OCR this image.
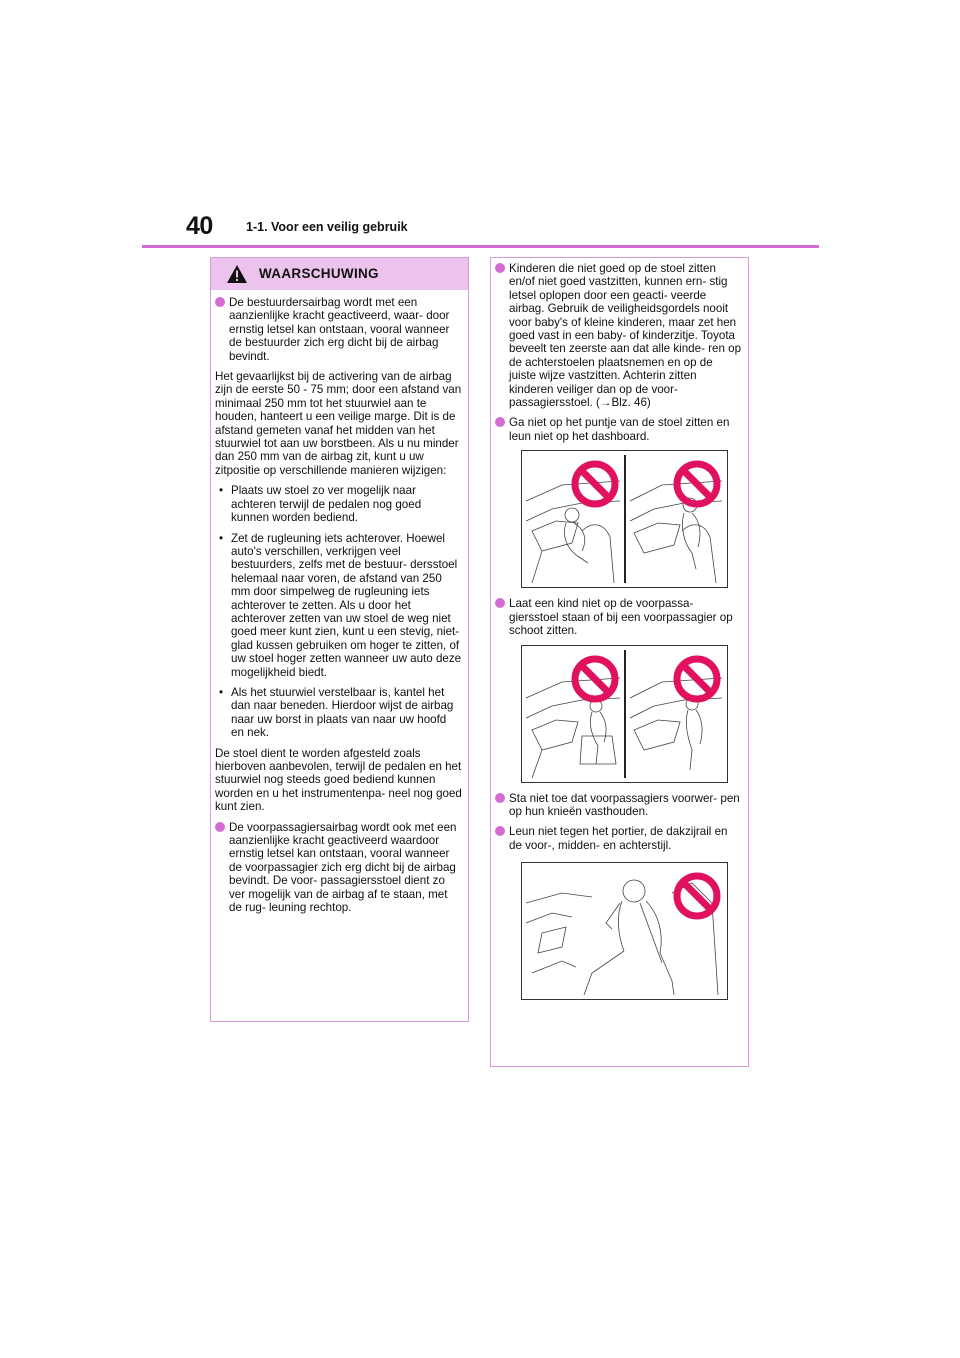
40	1-1. Voor een veilig gebruik
WAARSCHUWING
De bestuurdersairbag wordt met een aanzienlijke kracht geactiveerd, waar- door ernstig letsel kan ontstaan, vooral wanneer de bestuurder zich erg dicht bij de airbag bevindt.

Het gevaarlijkst bij de activering van de airbag zijn de eerste 50 - 75 mm; door een afstand van minimaal 250 mm tot het stuurwiel aan te houden, hanteert u een veilige marge. Dit is de afstand gemeten vanaf het midden van het stuurwiel tot aan uw borstbeen. Als u nu minder dan 250 mm van de airbag zit, kunt u uw zitpositie op verschillende manieren wijzigen:

• Plaats uw stoel zo ver mogelijk naar achteren terwijl de pedalen nog goed kunnen worden bediend.
• Zet de rugleuning iets achterover. Hoewel auto's verschillen, verkrijgen veel bestuurders, zelfs met de bestuur- dersstoel helemaal naar voren, de afstand van 250 mm door simpelweg de rugleuning iets achterover te zetten. Als u door het achterover zetten van uw stoel de weg niet goed meer kunt zien, kunt u een stevig, niet-glad kussen gebruiken om hoger te zitten, of uw stoel hoger zetten wanneer uw auto deze mogelijkheid biedt.
• Als het stuurwiel verstelbaar is, kantel het dan naar beneden. Hierdoor wijst de airbag naar uw borst in plaats van naar uw hoofd en nek.

De stoel dient te worden afgesteld zoals hierboven aanbevolen, terwijl de pedalen en het stuurwiel nog steeds goed bediend kunnen worden en u het instrumentenpa- neel nog goed kunt zien.

De voorpassagiersairbag wordt ook met een aanzienlijke kracht geactiveerd waardoor ernstig letsel kan ontstaan, vooral wanneer de voorpassagier zich erg dicht bij de airbag bevindt. De voor- passagiersstoel dient zo ver mogelijk van de airbag af te staan, met de rug- leuning rechtop.
Kinderen die niet goed op de stoel zitten en/of niet goed vastzitten, kunnen ern- stig letsel oplopen door een geacti- veerde airbag. Gebruik de veiligheidsgordels nooit voor baby's of kleine kinderen, maar zet hen goed vast in een baby- of kinderzitje. Toyota beveelt ten zeerste aan dat alle kinde- ren op de achterstoelen plaatsnemen en op de juiste wijze vastzitten. Achterin zitten kinderen veiliger dan op de voor- passagiersstoel. (→Blz. 46)
Ga niet op het puntje van de stoel zitten en leun niet op het dashboard.
Laat een kind niet op de voorpassa- giersstoel staan of bij een voorpassagier op schoot zitten.
Sta niet toe dat voorpassagiers voorwer- pen op hun knieën vasthouden.
Leun niet tegen het portier, de dakzijrail en de voor-, midden- en achterstijl.
